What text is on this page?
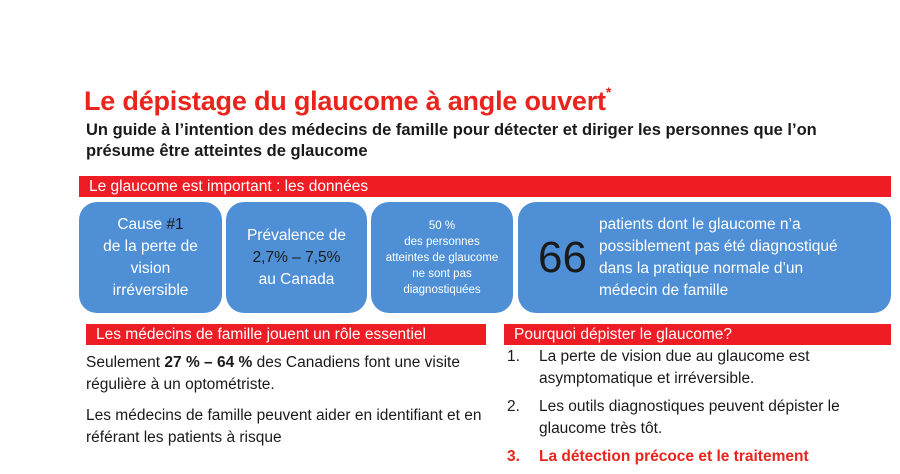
Le dépistage du glaucome à angle ouvert*
Un guide à l’intention des médecins de famille pour détecter et diriger les personnes que l’on présume être atteintes de glaucome
Le glaucome est important : les données
Cause #1
de la perte de vision irréversible
Prévalence de
2,7% – 7,5%
au Canada
50 %
des personnes atteintes de glaucome ne sont pas diagnostiquées
66
patients dont le glaucome n’a possiblement pas été diagnostiqué dans la pratique normale d’un médecin de famille
Les médecins de famille jouent un rôle essentiel	Pourquoi dépister le glaucome?
Seulement 27 % – 64 % des Canadiens font une visite régulière à un optométriste.
Les médecins de famille peuvent aider en identifiant et en référant les patients à risque
1. La perte de vision due au glaucome est asymptomatique et irréversible.
2. Les outils diagnostiques peuvent dépister le glaucome très tôt.
3. La détection précoce et le traitement
